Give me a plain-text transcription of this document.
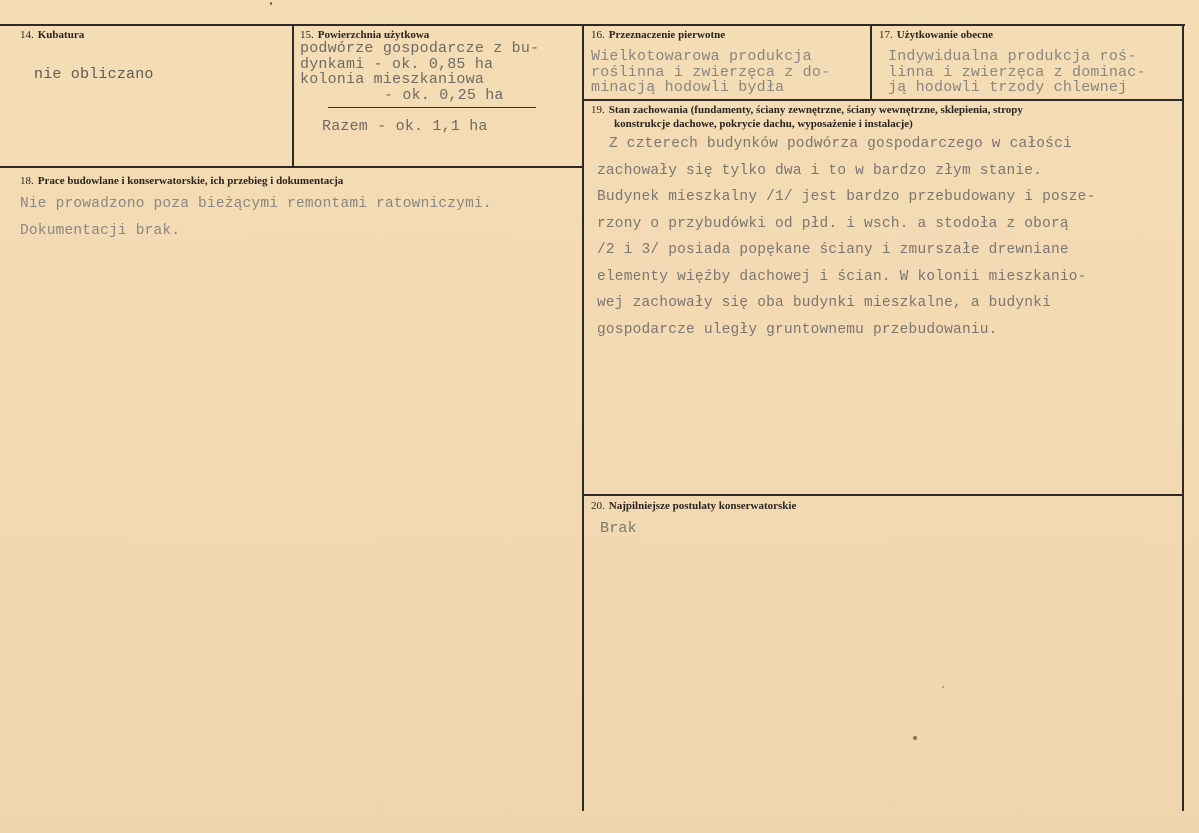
14. Kubatura
nie obliczano
15. Powierzchnia użytkowa
podwórze gospodarcze z bu-
dynkami - ok. 0,85 ha
kolonia mieszkaniowa
- ok. 0,25 ha
Razem - ok. 1,1 ha
16. Przeznaczenie pierwotne
Wielkotowarowa produkcja
roślinna i zwierzęca z do-
minacją hodowli bydła
17. Użytkowanie obecne
Indywidualna produkcja roś-
linna i zwierzęca z dominac-
ją hodowli trzody chlewnej
18. Prace budowlane i konserwatorskie, ich przebieg i dokumentacja
Nie prowadzono poza bieżącymi remontami ratowniczymi.
Dokumentacji brak.
19. Stan zachowania (fundamenty, ściany zewnętrzne, ściany wewnętrzne, sklepienia, stropy
konstrukcje dachowe, pokrycie dachu, wyposażenie i instalacje)
Z czterech budynków podwórza gospodarczego w całości
zachowały się tylko dwa i to w bardzo złym stanie.
Budynek mieszkalny /1/ jest bardzo przebudowany i posze-
rzony o przybudówki od płd. i wsch. a stodoła z oborą
/2 i 3/ posiada popękane ściany i zmurszałe drewniane
elementy więźby dachowej i ścian. W kolonii mieszkanio-
wej zachowały się oba budynki mieszkalne, a budynki
gospodarcze uległy gruntownemu przebudowaniu.
20. Najpilniejsze postulaty konserwatorskie
Brak
